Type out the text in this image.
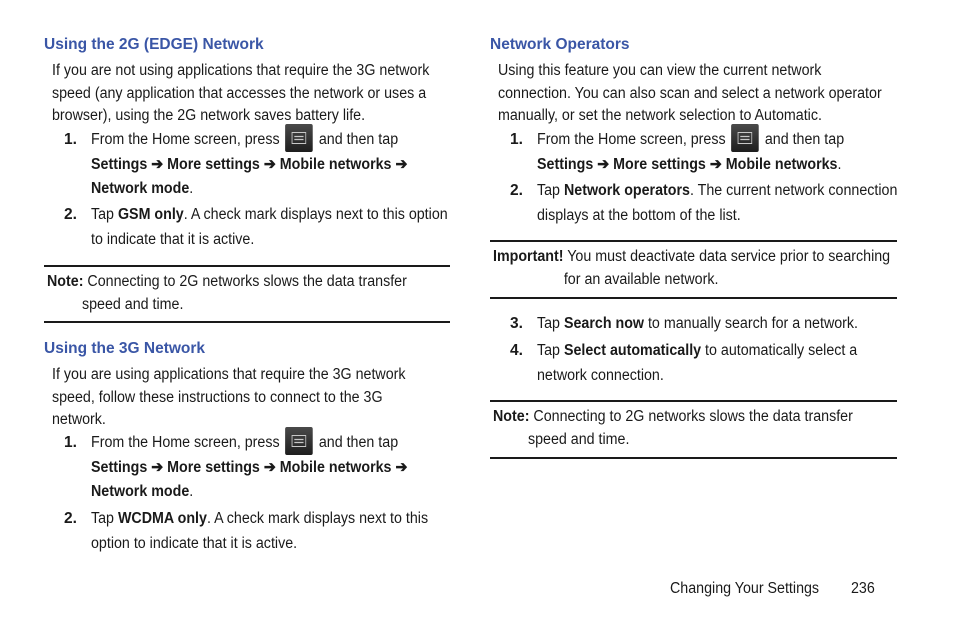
Using the 2G (EDGE) Network
If you are not using applications that require the 3G network
speed (any application that accesses the network or uses a
browser), using the 2G network saves battery life.
1. From the Home screen, press	and then tap
Settings ➔ More settings ➔ Mobile networks ➔
Network mode.
2. Tap GSM only. A check mark displays next to this option
to indicate that it is active.
Note: Connecting to 2G networks slows the data transfer
speed and time.
Using the 3G Network
If you are using applications that require the 3G network
speed, follow these instructions to connect to the 3G
network.
1. From the Home screen, press	and then tap
Settings ➔ More settings ➔ Mobile networks ➔
Network mode.
2. Tap WCDMA only. A check mark displays next to this
option to indicate that it is active.
Network Operators
Using this feature you can view the current network
connection. You can also scan and select a network operator
manually, or set the network selection to Automatic.
1. From the Home screen, press	and then tap
Settings ➔ More settings ➔ Mobile networks.
2. Tap Network operators. The current network connection
displays at the bottom of the list.
Important! You must deactivate data service prior to searching
for an available network.
3. Tap Search now to manually search for a network.
4. Tap Select automatically to automatically select a
network connection.
Note: Connecting to 2G networks slows the data transfer
speed and time.
Changing Your Settings 236
